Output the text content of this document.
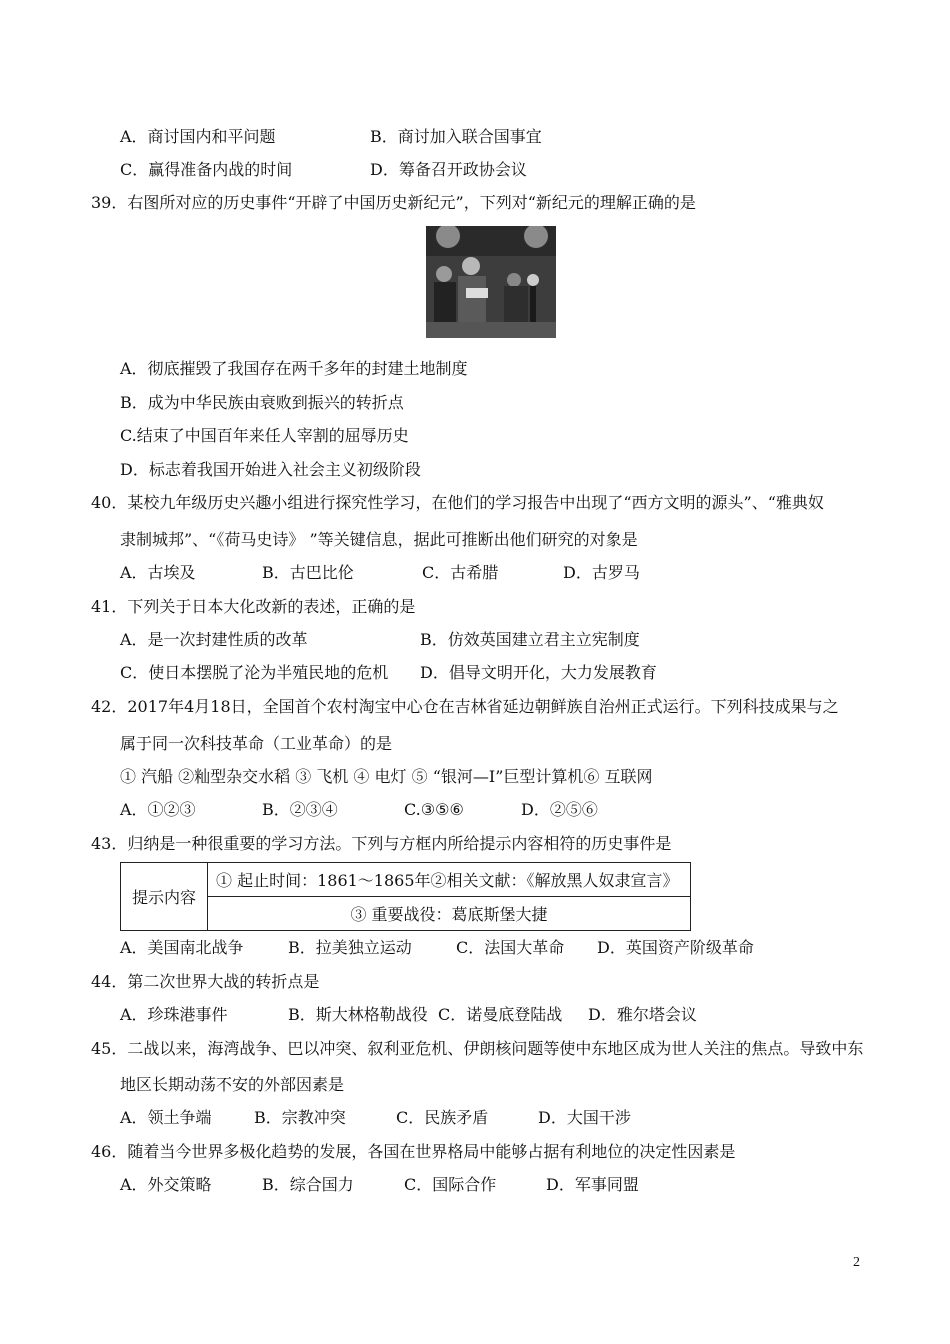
A．商讨国内和平问题	B．商讨加入联合国事宜
C．赢得准备内战的时间	D．筹备召开政协会议
39．右图所对应的历史事件“开辟了中国历史新纪元”，下列对“新纪元的理解正确的是
A．彻底摧毁了我国存在两千多年的封建土地制度
B．成为中华民族由衰败到振兴的转折点
C.结束了中国百年来任人宰割的屈辱历史
D．标志着我国开始进入社会主义初级阶段
40．某校九年级历史兴趣小组进行探究性学习，在他们的学习报告中出现了“西方文明的源头”、“雅典奴
隶制城邦”、“《荷马史诗》 ”等关键信息，据此可推断出他们研究的对象是
A．古埃及	B．古巴比伦	C．古希腊	D．古罗马
41．下列关于日本大化改新的表述，正确的是
A．是一次封建性质的改革	B．仿效英国建立君主立宪制度
C．使日本摆脱了沦为半殖民地的危机 D．倡导文明开化，大力发展教育
42．2017年4月18日，全国首个农村淘宝中心仓在吉林省延边朝鲜族自治州正式运行。下列科技成果与之
属于同一次科技革命（工业革命）的是
① 汽船 ②籼型杂交水稻 ③ 飞机 ④ 电灯 ⑤ “银河—I”巨型计算机⑥ 互联网
A．①②③	B．②③④	C.③⑤⑥	D．②⑤⑥
43．归纳是一种很重要的学习方法。下列与方框内所给提示内容相符的历史事件是
提示内容	① 起止时间：1861～1865年②相关文献：《解放黑人奴隶宣言》
③ 重要战役：葛底斯堡大捷
A．美国南北战争	B．拉美独立运动	C．法国大革命 D．英国资产阶级革命
44．第二次世界大战的转折点是
A．珍珠港事件	B．斯大林格勒战役 C．诺曼底登陆战 D．雅尔塔会议
45．二战以来，海湾战争、巴以冲突、叙利亚危机、伊朗核问题等使中东地区成为世人关注的焦点。导致中东
地区长期动荡不安的外部因素是
A．领土争端	B．宗教冲突	C．民族矛盾	D．大国干涉
46．随着当今世界多极化趋势的发展，各国在世界格局中能够占据有利地位的决定性因素是
A．外交策略	B．综合国力	C．国际合作	D．军事同盟
2
